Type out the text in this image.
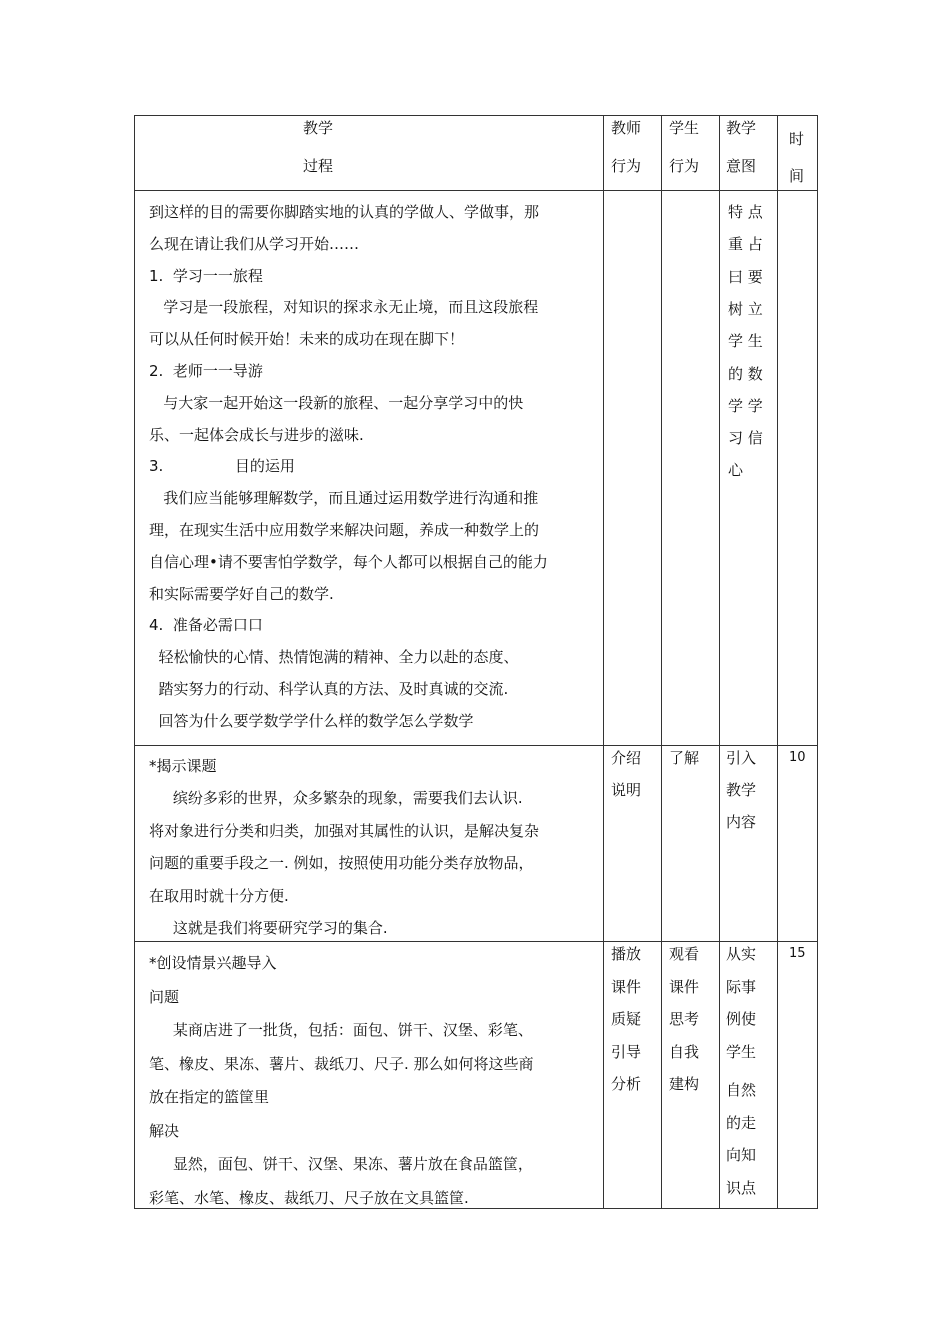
教学
过程
教师
行为
学生
行为
教学
意图
时
间
到这样的目的需要你脚踏实地的认真的学做人、学做事，那
么现在请让我们从学习开始……
1.  学习一一旅程
学习是一段旅程，对知识的探求永无止境，而且这段旅程
可以从任何时候开始！未来的成功在现在脚下！
2.  老师一一导游
与大家一起开始这一段新的旅程、一起分享学习中的快
乐、一起体会成长与进步的滋味.
3.               目的运用
我们应当能够理解数学，而且通过运用数学进行沟通和推
理，在现实生活中应用数学来解决问题，养成一种数学上的
自信心理•请不要害怕学数学，每个人都可以根据自己的能力
和实际需要学好自己的数学.
4.  准备必需口口
轻松愉快的心情、热情饱满的精神、全力以赴的态度、
踏实努力的行动、科学认真的方法、及时真诚的交流.
回答为什么要学数学学什么样的数学怎么学数学
特 点
重 占
曰 要
树 立
学 生
的 数
学 学
习 信
心
*揭示课题
缤纷多彩的世界，众多繁杂的现象，需要我们去认识.
将对象进行分类和归类，加强对其属性的认识，是解决复杂
问题的重要手段之一. 例如，按照使用功能分类存放物品，
在取用时就十分方便.
这就是我们将要研究学习的集合.
介绍
说明
了解 引入
教学
内容
10
*创设情景兴趣导入
问题
某商店进了一批货，包括：面包、饼干、汉堡、彩笔、
笔、橡皮、果冻、薯片、裁纸刀、尺子. 那么如何将这些商
放在指定的篮筐里
解决
显然，面包、饼干、汉堡、果冻、薯片放在食品篮筐，
彩笔、水笔、橡皮、裁纸刀、尺子放在文具篮筐.
播放
课件
质疑
引导
分析
观看
课件
思考
自我
建构
从实
际事
例使
学生
自然
的走
向知
识点
15
